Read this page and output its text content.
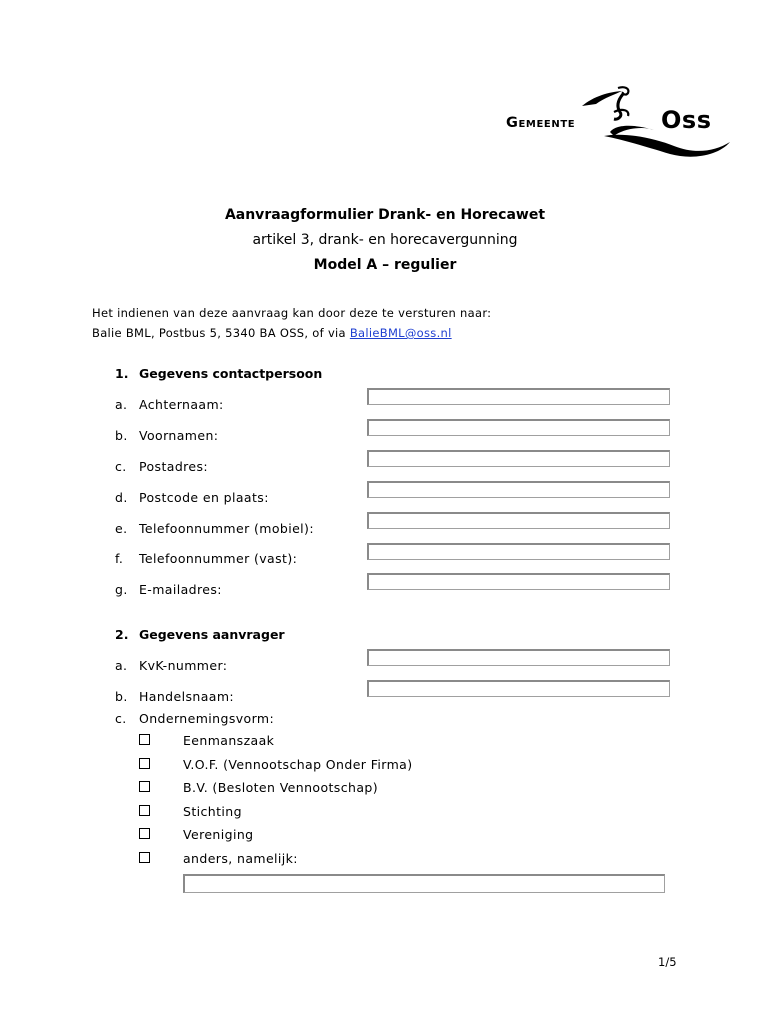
Gemeente	Oss
Aanvraagformulier Drank- en Horecawet
artikel 3, drank- en horecavergunning
Model A – regulier
Het indienen van deze aanvraag kan door deze te versturen naar:
Balie BML, Postbus 5, 5340 BA OSS, of via BalieBML@oss.nl
1. Gegevens contactpersoon
a. Achternaam:
b. Voornamen:
c. Postadres:
d. Postcode en plaats:
e. Telefoonnummer (mobiel):
f. Telefoonnummer (vast):
g. E-mailadres:
2. Gegevens aanvrager
a. KvK-nummer:
b. Handelsnaam:
c. Ondernemingsvorm:
Eenmanszaak
V.O.F. (Vennootschap Onder Firma)
B.V. (Besloten Vennootschap)
Stichting
Vereniging
anders, namelijk:
1/5
